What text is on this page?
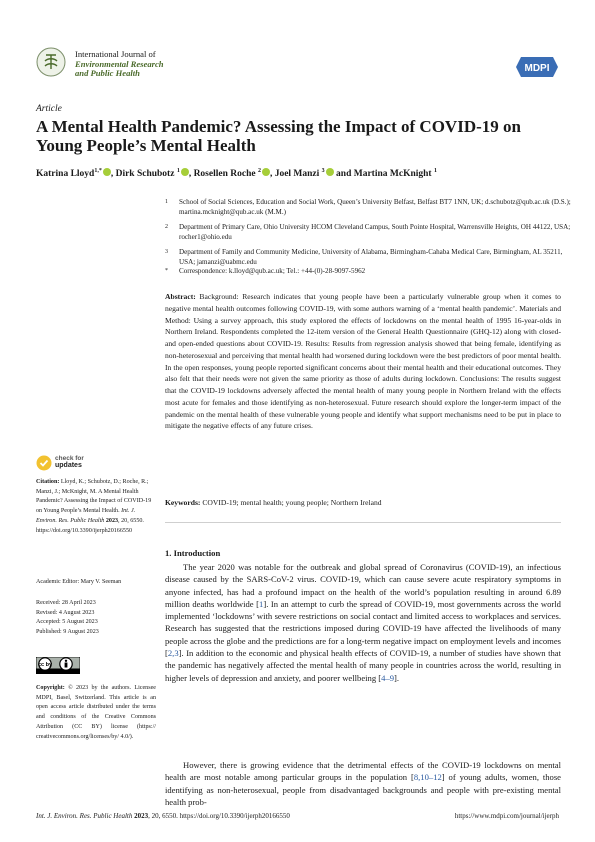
International Journal of
Environmental Research
and Public Health	MDPI
Article
A Mental Health Pandemic? Assessing the Impact of COVID-19 on Young People’s Mental Health
Katrina Lloyd$^{1,*}$ , Dirk Schubotz $^1$ , Rosellen Roche $^2$ , Joel Manzi $^3$ and Martina McKnight $^1$
1 School of Social Sciences, Education and Social Work, Queen’s University Belfast, Belfast BT7 1NN, UK; d.schubotz@qub.ac.uk (D.S.); martina.mcknight@qub.ac.uk (M.M.)
2 Department of Primary Care, Ohio University HCOM Cleveland Campus, South Pointe Hospital, Warrensville Heights, OH 44122, USA; rocher1@ohio.edu
3 Department of Family and Community Medicine, University of Alabama, Birmingham-Cahaba Medical Care, Birmingham, AL 35211, USA; jamanzi@uabmc.edu
* Correspondence: k.lloyd@qub.ac.uk; Tel.: +44-(0)-28-9097-5962
Abstract: Background: Research indicates that young people have been a particularly vulnerable group when it comes to negative mental health outcomes following COVID-19, with some authors warning of a ‘mental health pandemic’. Materials and Method: Using a survey approach, this study explored the effects of lockdowns on the mental health of 1995 16-year-olds in Northern Ireland. Respondents completed the 12-item version of the General Health Questionnaire (GHQ-12) along with closed- and open-ended questions about COVID-19. Results: Results from regression analysis showed that being female, identifying as non-heterosexual and perceiving that mental health had worsened during lockdown were the best predictors of poor mental health. In the open responses, young people reported significant concerns about their mental health and their educational outcomes. They also felt that their needs were not given the same priority as those of adults during lockdown. Conclusions: The results suggest that the COVID-19 lockdowns adversely affected the mental health of many young people in Northern Ireland with the effects most acute for females and those identifying as non-heterosexual. Future research should explore the longer-term impact of the pandemic on the mental health of these vulnerable young people and identify what support mechanisms need to be put in place to mitigate the negative effects of any future crises.
Keywords: COVID-19; mental health; young people; Northern Ireland
1. Introduction
The year 2020 was notable for the outbreak and global spread of Coronavirus (COVID-19), an infectious disease caused by the SARS-CoV-2 virus. COVID-19, which can cause severe acute respiratory symptoms in anyone infected, has had a profound impact on the health of the world’s population resulting in around 6.89 million deaths worldwide [1]. In an attempt to curb the spread of COVID-19, most governments across the world implemented ‘lockdowns’ with severe restrictions on social contact and limited access to workplaces and services. Research has suggested that the restrictions imposed during COVID-19 have affected the livelihoods of many people across the globe and the predictions are for a long-term negative impact on employment levels and incomes [2,3]. In addition to the economic and physical health effects of COVID-19, a number of studies have shown that the pandemic has negatively affected the mental health of many people in countries across the world, resulting in higher levels of depression and anxiety, and poorer wellbeing [4–9].
However, there is growing evidence that the detrimental effects of the COVID-19 lockdowns on mental health are most notable among particular groups in the population [8,10–12] of young adults, women, those identifying as non-heterosexual, people from disadvantaged backgrounds and people with pre-existing mental health prob-
check for
updates
Citation: Lloyd, K.; Schubotz, D.; Roche, R.; Manzi, J.; McKnight, M. A Mental Health Pandemic? Assessing the Impact of COVID-19 on Young People’s Mental Health. Int. J. Environ. Res. Public Health 2023, 20, 6550. https://doi.org/10.3390/ijerph20166550
Academic Editor: Mary V. Seeman
Received: 28 April 2023
Revised: 4 August 2023
Accepted: 5 August 2023
Published: 9 August 2023
cc by
Copyright: © 2023 by the authors. Licensee MDPI, Basel, Switzerland. This article is an open access article distributed under the terms and conditions of the Creative Commons Attribution (CC BY) license (https:// creativecommons.org/licenses/by/ 4.0/).
Int. J. Environ. Res. Public Health 2023, 20, 6550. https://doi.org/10.3390/ijerph20166550	https://www.mdpi.com/journal/ijerph
